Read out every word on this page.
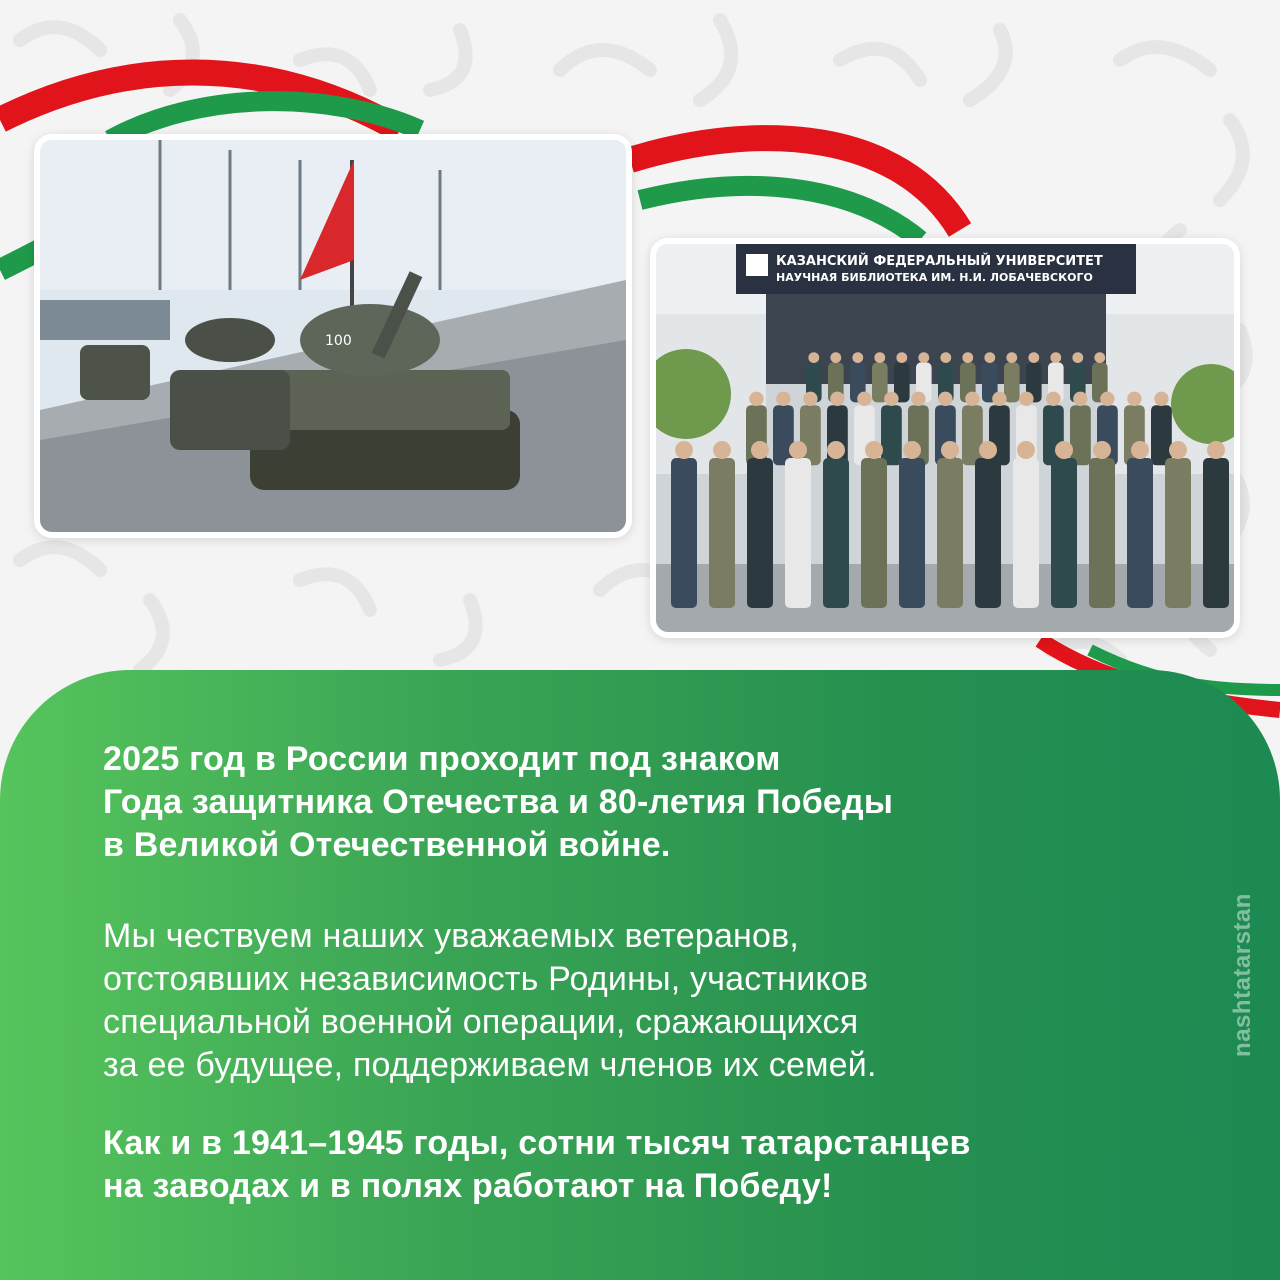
100
КАЗАНСКИЙ ФЕДЕРАЛЬНЫЙ УНИВЕРСИТЕТ
НАУЧНАЯ БИБЛИОТЕКА ИМ. Н.И. ЛОБАЧЕВСКОГО
2025 год в России проходит под знаком
Года защитника Отечества и 80-летия Победы
в Великой Отечественной войне.
Мы чествуем наших уважаемых ветеранов,
отстоявших независимость Родины, участников
специальной военной операции, сражающихся
за ее будущее, поддерживаем членов их семей.
Как и в 1941–1945 годы, сотни тысяч татарстанцев
на заводах и в полях работают на Победу!
nashtatarstan
